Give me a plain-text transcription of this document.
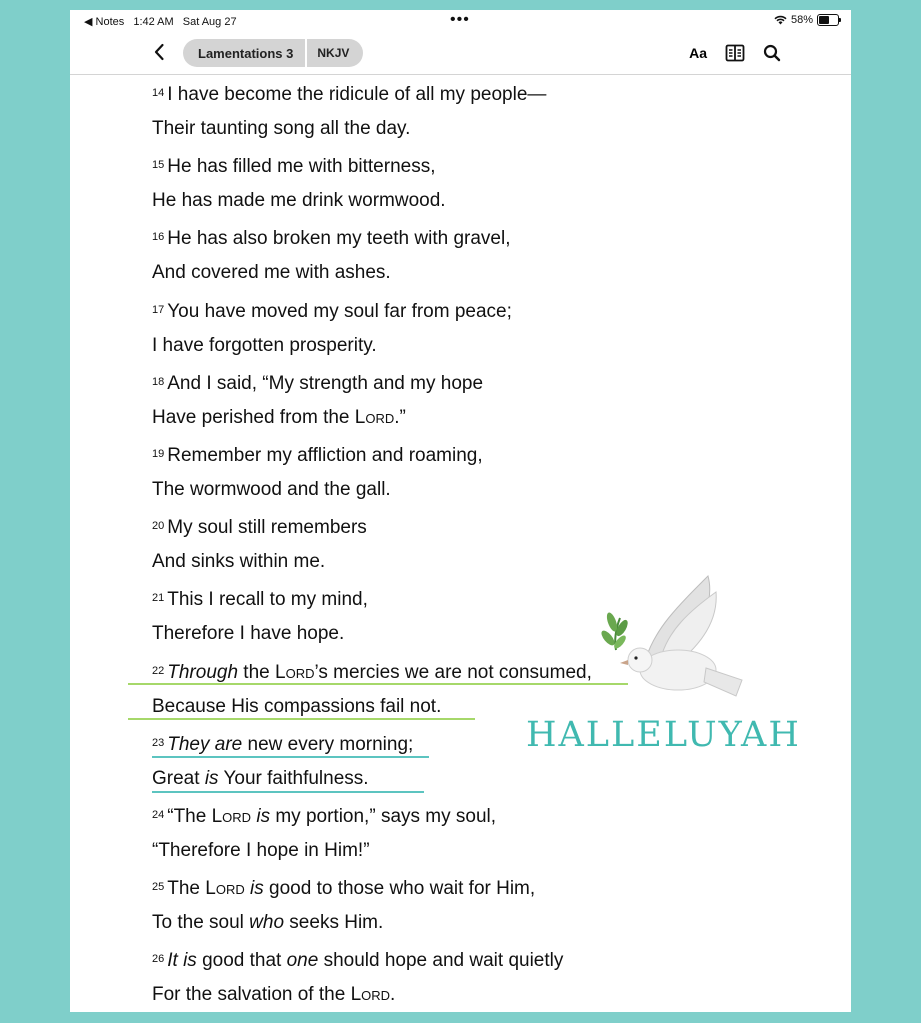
◀ Notes 1:42 AM Sat Aug 27	•••	58%
Lamentations 3	NKJV	Aa
$^{14}$ I have become the ridicule of all my people—
Their taunting song all the day.
$^{15}$ He has filled me with bitterness,
He has made me drink wormwood.
$^{16}$ He has also broken my teeth with gravel,
And covered me with ashes.
$^{17}$ You have moved my soul far from peace;
I have forgotten prosperity.
$^{18}$ And I said, “My strength and my hope
Have perished from the Lord.”
$^{19}$ Remember my affliction and roaming,
The wormwood and the gall.
$^{20}$ My soul still remembers
And sinks within me.
$^{21}$ This I recall to my mind,
Therefore I have hope.
$^{22}$ Through the Lord’s mercies we are not consumed,
Because His compassions fail not.
$^{23}$ They are new every morning;
Great is Your faithfulness.
$^{24}$ “The Lord is my portion,” says my soul,
“Therefore I hope in Him!”
$^{25}$ The Lord is good to those who wait for Him,
To the soul who seeks Him.
$^{26}$ It is good that one should hope and wait quietly
For the salvation of the Lord.
HALLELUYAH
